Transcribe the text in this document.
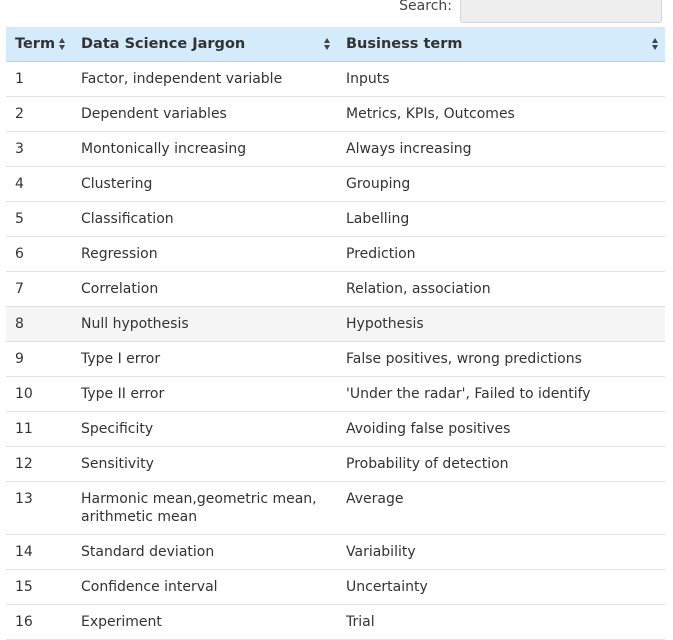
Search:
Term	Data Science Jargon	Business term

1	Factor, independent variable	Inputs
2	Dependent variables	Metrics, KPIs, Outcomes
3	Montonically increasing	Always increasing
4	Clustering	Grouping
5	Classification	Labelling
6	Regression	Prediction
7	Correlation	Relation, association
8	Null hypothesis	Hypothesis
9	Type I error	False positives, wrong predictions
10	Type II error	'Under the radar', Failed to identify
11	Specificity	Avoiding false positives
12	Sensitivity	Probability of detection
13	Harmonic mean,geometric mean, arithmetic mean	Average
14	Standard deviation	Variability
15	Confidence interval	Uncertainty
16	Experiment	Trial
